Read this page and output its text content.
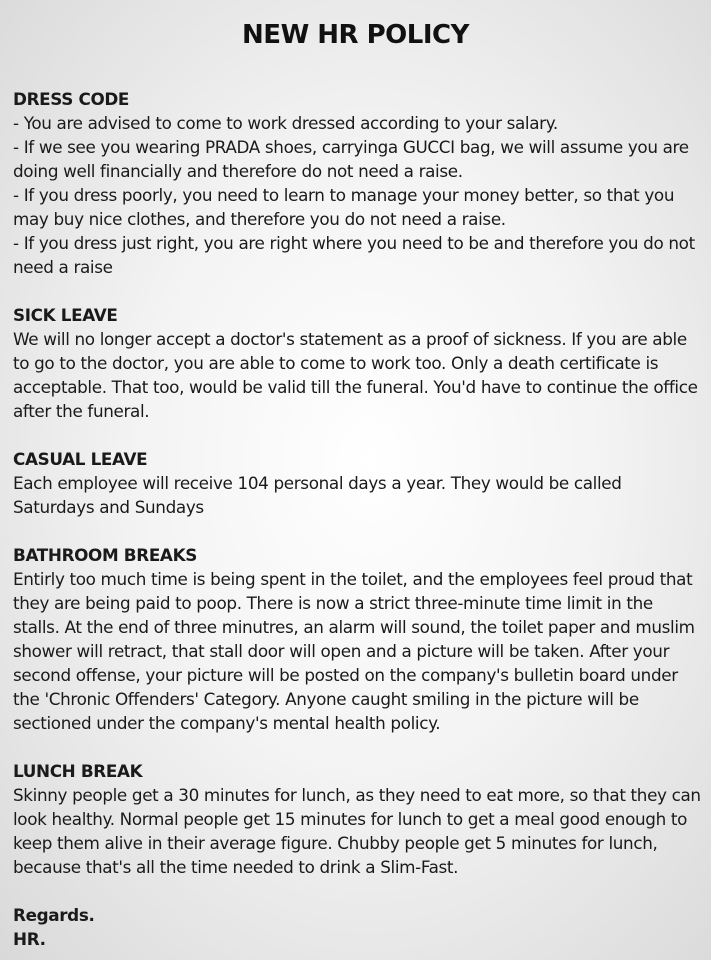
NEW HR POLICY
DRESS CODE
- You are advised to come to work dressed according to your salary.
- If we see you wearing PRADA shoes, carryinga GUCCI bag, we will assume you are doing well financially and therefore do not need a raise.
- If you dress poorly, you need to learn to manage your money better, so that you may buy nice clothes, and therefore you do not need a raise.
- If you dress just right, you are right where you need to be and therefore you do not need a raise
SICK LEAVE
We will no longer accept a doctor's statement as a proof of sickness. If you are able to go to the doctor, you are able to come to work too. Only a death certificate is acceptable. That too, would be valid till the funeral. You'd have to continue the office after the funeral.
CASUAL LEAVE
Each employee will receive 104 personal days a year. They would be called Saturdays and Sundays
BATHROOM BREAKS
Entirly too much time is being spent in the toilet, and the employees feel proud that they are being paid to poop. There is now a strict three-minute time limit in the stalls. At the end of three minutres, an alarm will sound, the toilet paper and muslim shower will retract, that stall door will open and a picture will be taken. After your second offense, your picture will be posted on the company's bulletin board under the 'Chronic Offenders' Category. Anyone caught smiling in the picture will be sectioned under the company's mental health policy.
LUNCH BREAK
Skinny people get a 30 minutes for lunch, as they need to eat more, so that they can look healthy. Normal people get 15 minutes for lunch to get a meal good enough to keep them alive in their average figure. Chubby people get 5 minutes for lunch, because that's all the time needed to drink a Slim-Fast.
Regards.
HR.
